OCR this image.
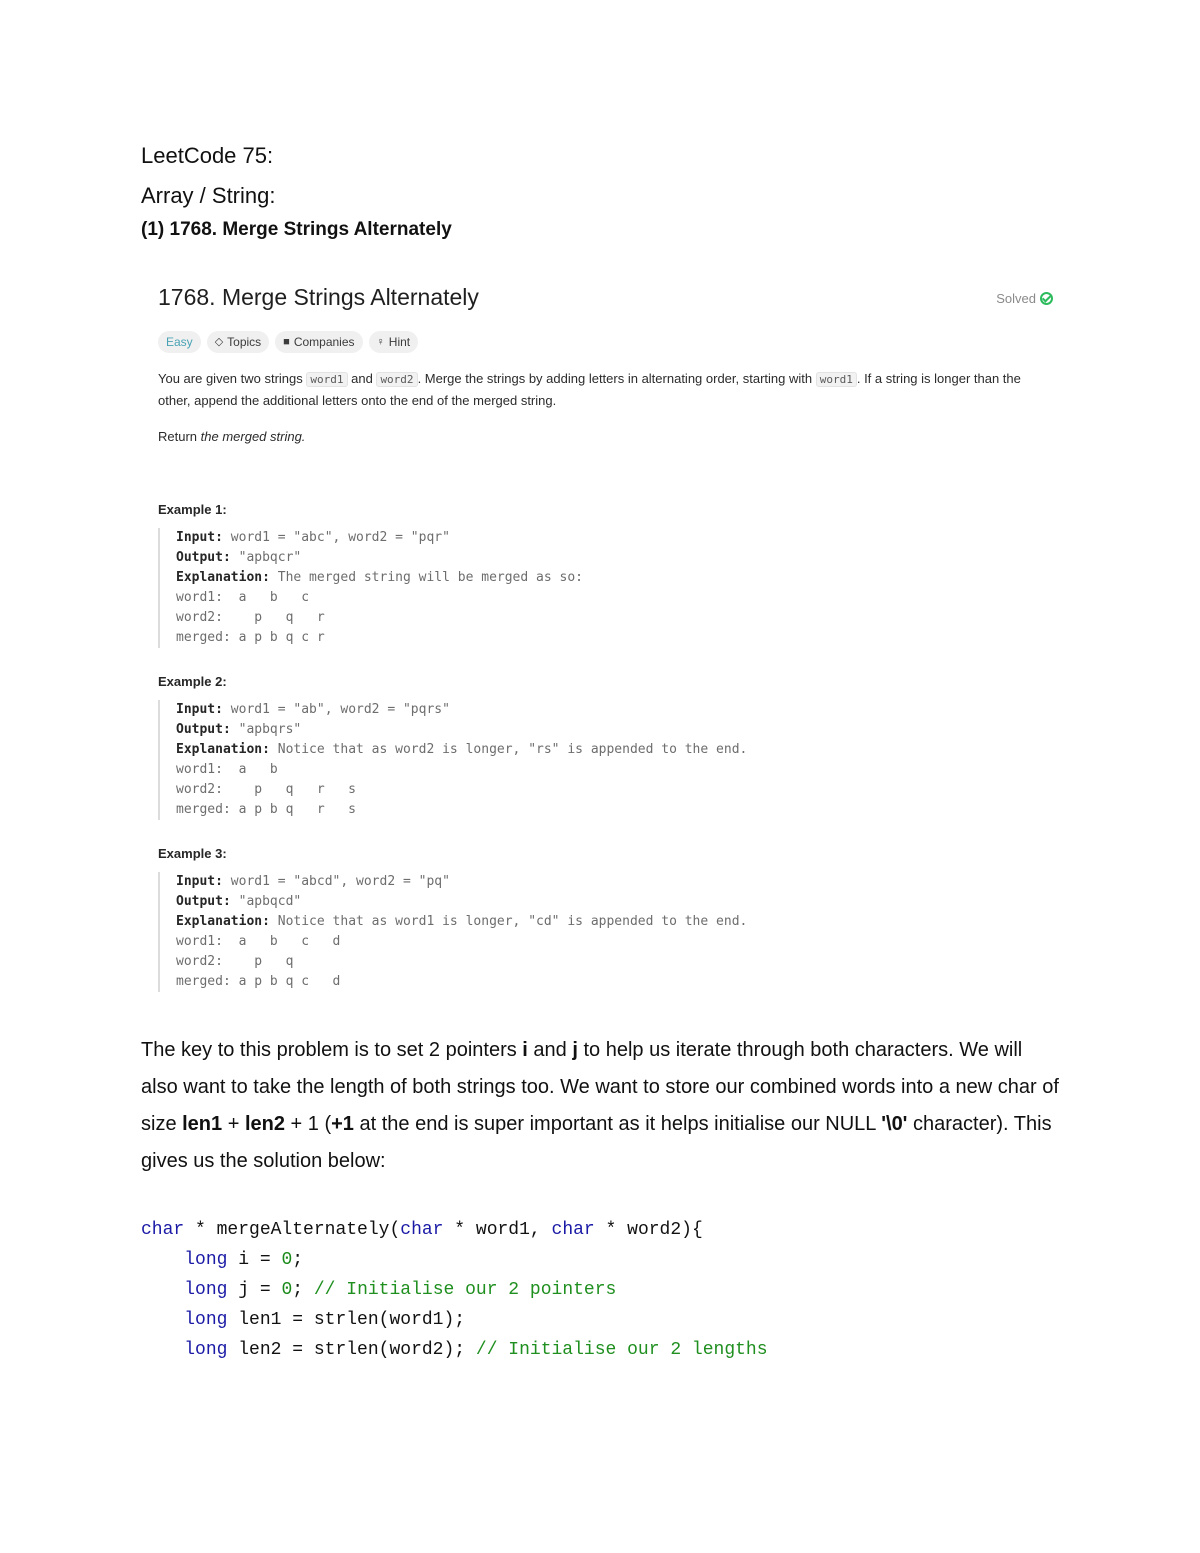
LeetCode 75:
Array / String:
(1) 1768. Merge Strings Alternately
1768. Merge Strings Alternately	Solved
Easy ◇ Topics ■ Companies ♀ Hint
You are given two strings word1 and word2 . Merge the strings by adding letters in alternating order, starting with word1 . If a string is longer than the other, append the additional letters onto the end of the merged string.
Return the merged string.
Example 1:
Input: word1 = "abc", word2 = "pqr"
Output: "apbqcr"
Explanation: The merged string will be merged as so:
word1:  a   b   c
word2:    p   q   r
merged: a p b q c r
Example 2:
Input: word1 = "ab", word2 = "pqrs"
Output: "apbqrs"
Explanation: Notice that as word2 is longer, "rs" is appended to the end.
word1:  a   b
word2:    p   q   r   s
merged: a p b q   r   s
Example 3:
Input: word1 = "abcd", word2 = "pq"
Output: "apbqcd"
Explanation: Notice that as word1 is longer, "cd" is appended to the end.
word1:  a   b   c   d
word2:    p   q
merged: a p b q c   d
The key to this problem is to set 2 pointers i and j to help us iterate through both characters. We will also want to take the length of both strings too. We want to store our combined words into a new char of size len1 + len2 + 1 (+1 at the end is super important as it helps initialise our NULL '\0' character). This gives us the solution below:
char * mergeAlternately(char * word1, char * word2){
long i = 0;
long j = 0; // Initialise our 2 pointers
long len1 = strlen(word1);
long len2 = strlen(word2); // Initialise our 2 lengths
